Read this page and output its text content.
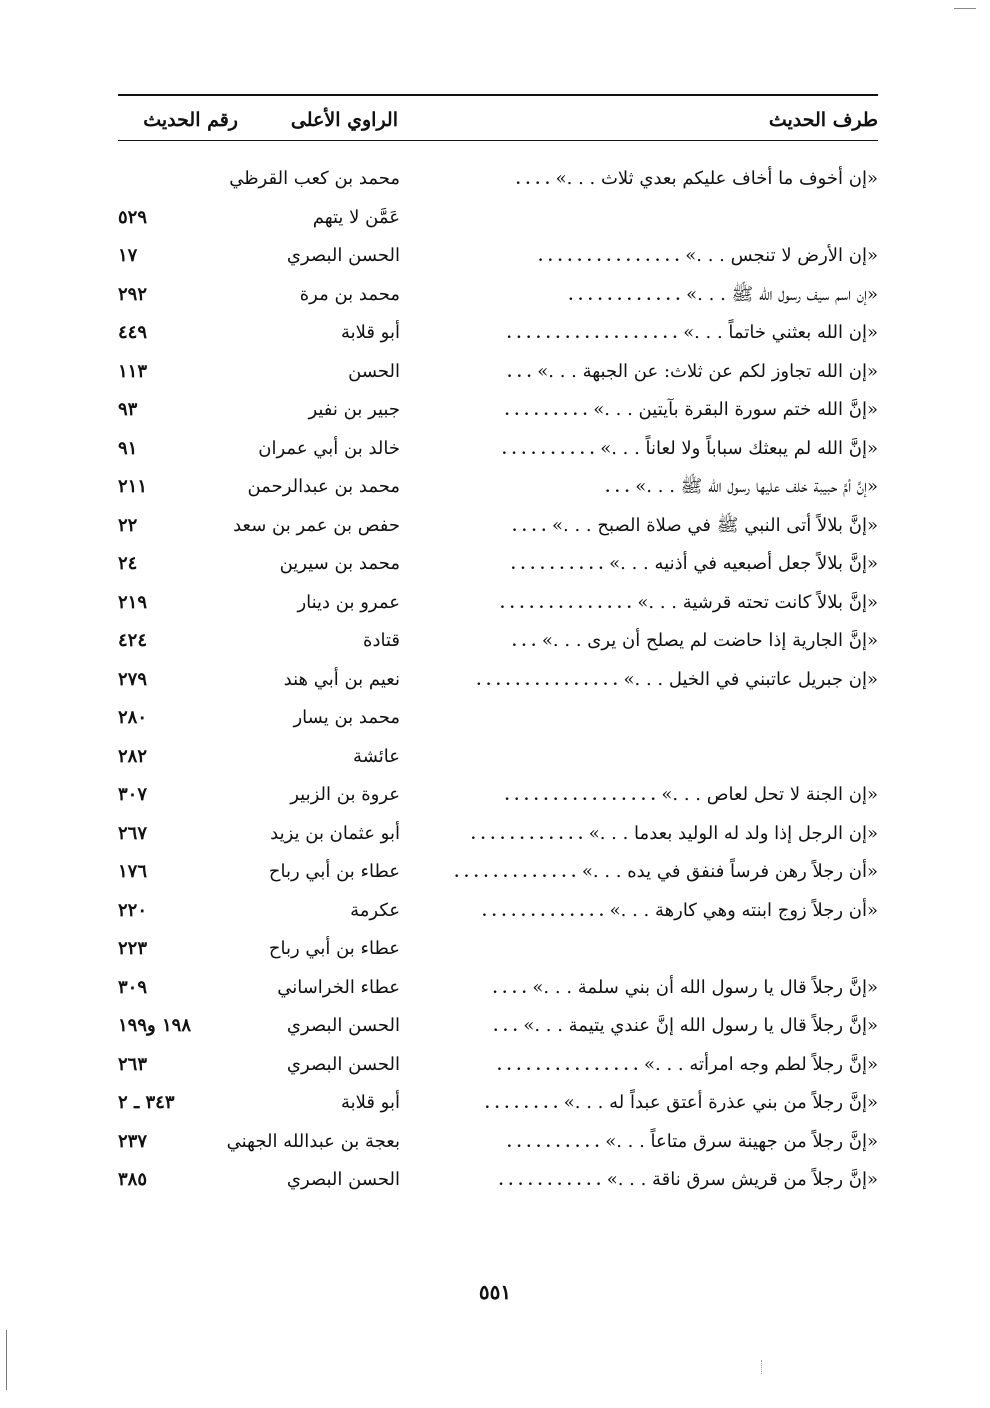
طرف الحديث
الراوي الأعلى
رقم الحديث
«إن أخوف ما أخاف عليكم بعدي ثلاث . . .» . . . .
محمد بن كعب القرظي
عَمَّن لا يتهم
٥٢٩
«إن الأرض لا تنجس . . .» . . . . . . . . . . . . . . .
الحسن البصري
١٧
«إن اسم سيف رسول الله ﷺ . . .» . . . . . . . . . . . .
محمد بن مرة
٢٩٢
«إن الله بعثني خاتماً . . .» . . . . . . . . . . . . . . . . . .
أبو قلابة
٤٤٩
«إن الله تجاوز لكم عن ثلاث: عن الجبهة . . .» . . .
الحسن
١١٣
«إنَّ الله ختم سورة البقرة بآيتين . . .» . . . . . . . . .
جبير بن نفير
٩٣
«إنَّ الله لم يبعثك سباباً ولا لعاناً . . .» . . . . . . . . . .
خالد بن أبي عمران
٩١
«إنَّ أمَّ حبيبة خلف عليها رسول الله ﷺ . . .» . . .
محمد بن عبدالرحمن
٢١١
«إنَّ بلالاً أتى النبي ﷺ في صلاة الصبح . . .» . . . .
حفص بن عمر بن سعد
٢٢
«إنَّ بلالاً جعل أصبعيه في أذنيه . . .» . . . . . . . . . .
محمد بن سيرين
٢٤
«إنَّ بلالاً كانت تحته قرشية . . .» . . . . . . . . . . . . . .
عمرو بن دينار
٢١٩
«إنَّ الجارية إذا حاضت لم يصلح أن يرى . . .» . . .
قتادة
٤٢٤
«إن جبريل عاتبني في الخيل . . .» . . . . . . . . . . . . . . .
نعيم بن أبي هند
٢٧٩
محمد بن يسار
٢٨٠
عائشة
٢٨٢
«إن الجنة لا تحل لعاص . . .» . . . . . . . . . . . . . . . .
عروة بن الزبير
٣٠٧
«إن الرجل إذا ولد له الوليد بعدما . . .» . . . . . . . . . . . .
أبو عثمان بن يزيد
٢٦٧
«أن رجلاً رهن فرساً فنفق في يده . . .» . . . . . . . . . . . . .
عطاء بن أبي رباح
١٧٦
«أن رجلاً زوج ابنته وهي كارهة . . .» . . . . . . . . . . . . .
عكرمة
٢٢٠
عطاء بن أبي رباح
٢٢٣
«إنَّ رجلاً قال يا رسول الله أن بني سلمة . . .» . . . .
عطاء الخراساني
٣٠٩
«إنَّ رجلاً قال يا رسول الله إنَّ عندي يتيمة . . .» . . .
الحسن البصري
١٩٨ و١٩٩
«إنَّ رجلاً لطم وجه امرأته . . .» . . . . . . . . . . . . . . .
الحسن البصري
٢٦٣
«إنَّ رجلاً من بني عذرة أعتق عبداً له . . .» . . . . . . . .
أبو قلابة
٣٤٣ ـ ٢
«إنَّ رجلاً من جهينة سرق متاعاً . . .» . . . . . . . . . .
بعجة بن عبدالله الجهني
٢٣٧
«إنَّ رجلاً من قريش سرق ناقة . . .» . . . . . . . . . . .
الحسن البصري
٣٨٥
٥٥١
